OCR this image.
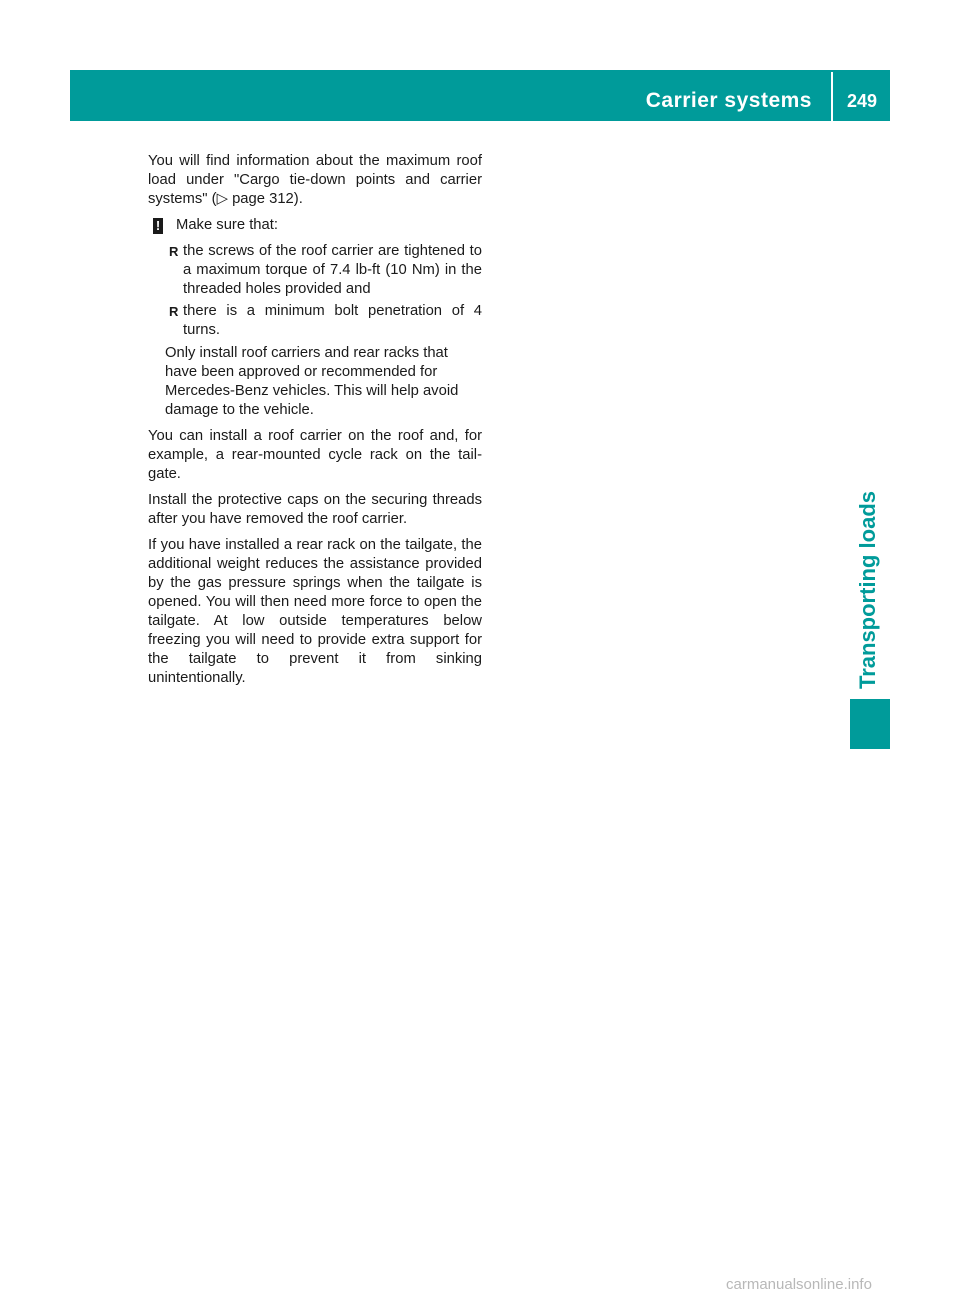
Carrier systems	249
Transporting loads

You will find information about the maximum roof load under "Cargo tie-down points and carrier systems" (▷ page 312).

! Make sure that:

R the screws of the roof carrier are tightened to a maximum torque of 7.4 lb-ft (10 Nm) in the threaded holes provided and
R there is a minimum bolt penetration of 4 turns.

Only install roof carriers and rear racks that have been approved or recommended for Mercedes-Benz vehicles. This will help avoid damage to the vehicle.

You can install a roof carrier on the roof and, for example, a rear-mounted cycle rack on the tailgate.

Install the protective caps on the securing threads after you have removed the roof carrier.

If you have installed a rear rack on the tailgate, the additional weight reduces the assistance provided by the gas pressure springs when the tailgate is opened. You will then need more force to open the tailgate. At low outside temperatures below freezing you will need to provide extra support for the tailgate to prevent it from sinking unintentionally.

carmanualsonline.info
